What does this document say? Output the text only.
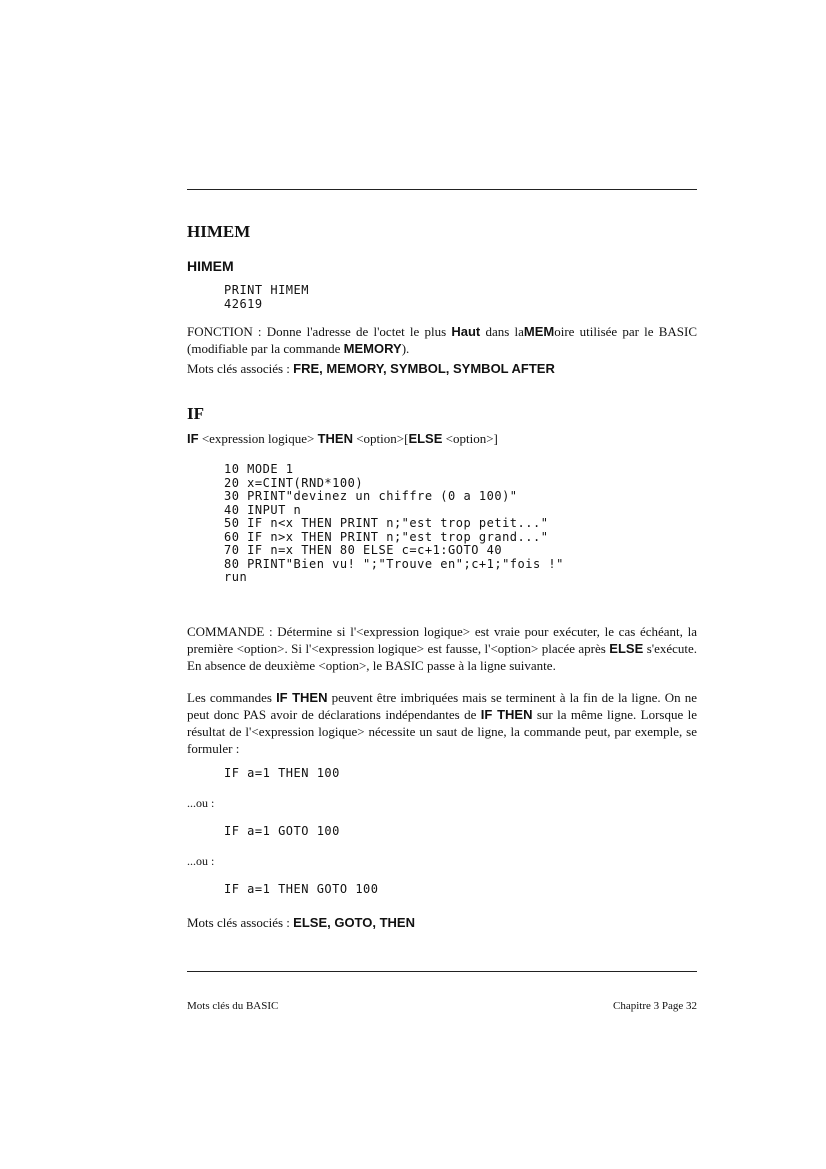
HIMEM
HIMEM
PRINT HIMEM
42619

FONCTION : Donne l'adresse de l'octet le plus Haut dans laMEMoire utilisée par le BASIC (modifiable par la commande MEMORY).

Mots clés associés : FRE, MEMORY, SYMBOL, SYMBOL AFTER

IF

IF <expression logique> THEN <option>[ELSE <option>]

10 MODE 1
20 x=CINT(RND*100)
30 PRINT"devinez un chiffre (0 a 100)"
40 INPUT n
50 IF n<x THEN PRINT n;"est trop petit..."
60 IF n>x THEN PRINT n;"est trop grand..."
70 IF n=x THEN 80 ELSE c=c+1:GOTO 40
80 PRINT"Bien vu! ";"Trouve en";c+1;"fois !"
run

COMMANDE : Détermine si l'<expression logique> est vraie pour exécuter, le cas échéant, la première <option>. Si l'<expression logique> est fausse, l'<option> placée après ELSE s'exécute. En absence de deuxième <option>, le BASIC passe à la ligne suivante.

Les commandes IF THEN peuvent être imbriquées mais se terminent à la fin de la ligne. On ne peut donc PAS avoir de déclarations indépendantes de IF THEN sur la même ligne. Lorsque le résultat de l'<expression logique> nécessite un saut de ligne, la commande peut, par exemple, se formuler :

IF a=1 THEN 100
...ou :
IF a=1 GOTO 100
...ou :
IF a=1 THEN GOTO 100

Mots clés associés : ELSE, GOTO, THEN

Mots clés du BASIC	Chapitre 3 Page 32
